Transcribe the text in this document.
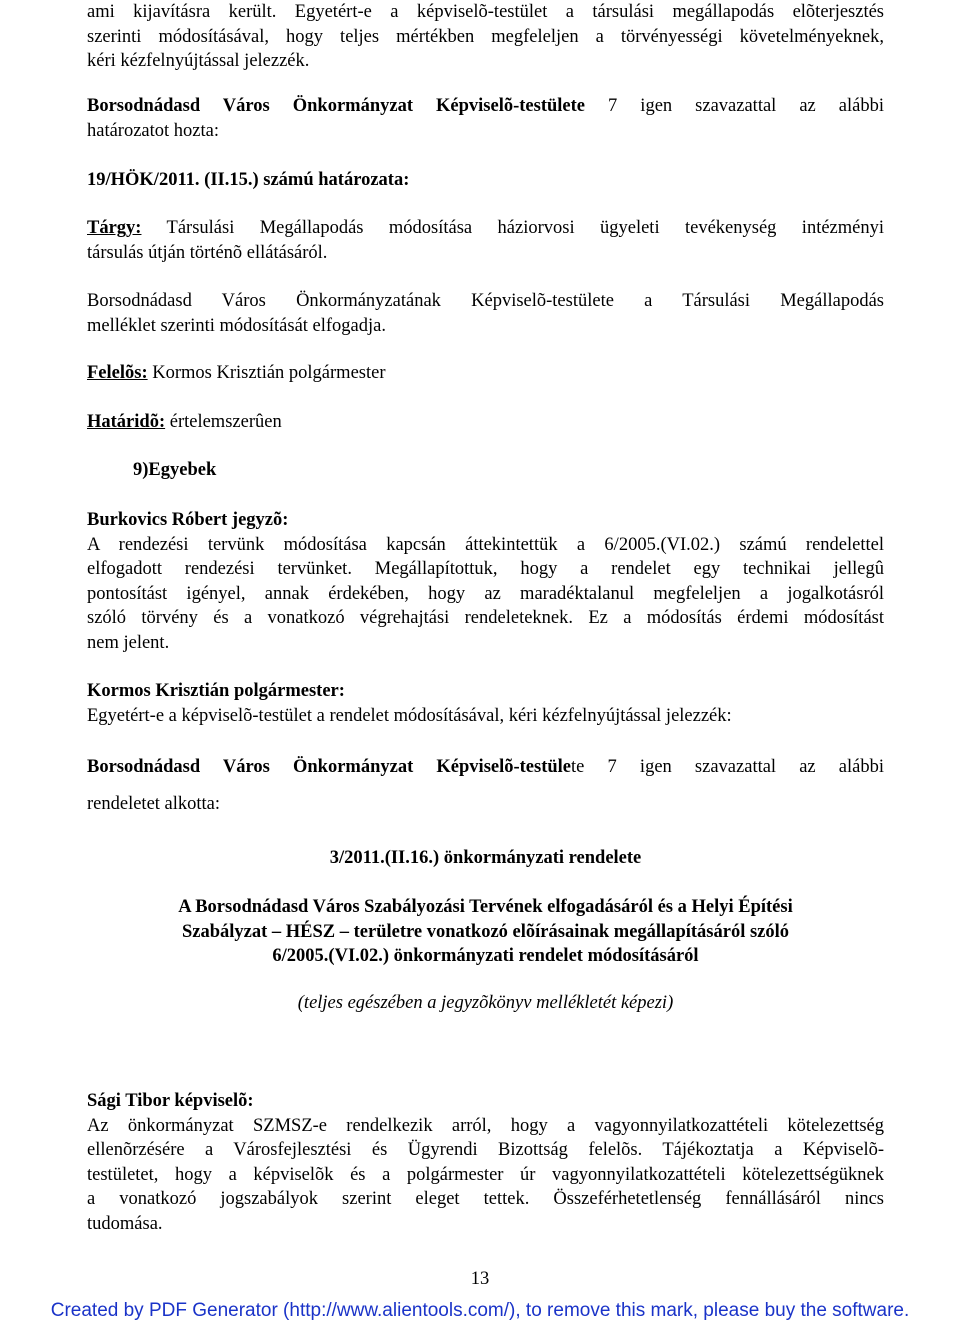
ami kijavításra került. Egyetért-e a képviselõ-testület a társulási megállapodás elõterjesztés
szerinti módosításával, hogy teljes mértékben megfeleljen a törvényességi követelményeknek,
kéri kézfelnyújtással jelezzék.
Borsodnádasd Város Önkormányzat Képviselõ-testülete 7 igen szavazattal az alábbi
határozatot hozta:
19/HÖK/2011. (II.15.) számú határozata:
Tárgy: Társulási Megállapodás módosítása háziorvosi ügyeleti tevékenység intézményi
társulás útján történõ ellátásáról.
Borsodnádasd Város Önkormányzatának Képviselõ-testülete a Társulási Megállapodás
melléklet szerinti módosítását elfogadja.
Felelõs: Kormos Krisztián polgármester
Határidõ: értelemszerûen
9)Egyebek
Burkovics Róbert jegyzõ:
A rendezési tervünk módosítása kapcsán áttekintettük a 6/2005.(VI.02.) számú rendelettel
elfogadott rendezési tervünket. Megállapítottuk, hogy a rendelet egy technikai jellegû
pontosítást igényel, annak érdekében, hogy az maradéktalanul megfeleljen a jogalkotásról
szóló törvény és a vonatkozó végrehajtási rendeleteknek. Ez a módosítás érdemi módosítást
nem jelent.
Kormos Krisztián polgármester:
Egyetért-e a képviselõ-testület a rendelet módosításával, kéri kézfelnyújtással jelezzék:
Borsodnádasd Város Önkormányzat Képviselõ-testülete 7 igen szavazattal az alábbi
rendeletet alkotta:
3/2011.(II.16.) önkormányzati rendelete
A Borsodnádasd Város Szabályozási Tervének elfogadásáról és a Helyi Építési
Szabályzat – HÉSZ – területre vonatkozó elõírásainak megállapításáról szóló
6/2005.(VI.02.) önkormányzati rendelet módosításáról
(teljes egészében a jegyzõkönyv mellékletét képezi)
Sági Tibor képviselõ:
Az önkormányzat SZMSZ-e rendelkezik arról, hogy a vagyonnyilatkozattételi kötelezettség
ellenõrzésére a Városfejlesztési és Ügyrendi Bizottság felelõs. Tájékoztatja a Képviselõ-
testületet, hogy a képviselõk és a polgármester úr vagyonnyilatkozattételi kötelezettségüknek
a vonatkozó jogszabályok szerint eleget tettek. Összeférhetetlenség fennállásáról nincs
tudomása.
13
Created by PDF Generator (http://www.alientools.com/), to remove this mark, please buy the software.
